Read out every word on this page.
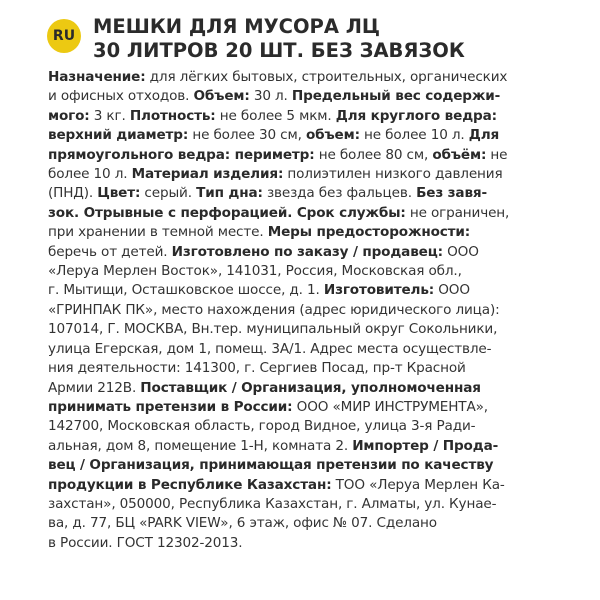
RU МЕШКИ ДЛЯ МУСОРА ЛЦ
30 ЛИТРОВ 20 ШТ. БЕЗ ЗАВЯЗОК
Назначение: для лёгких бытовых, строительных, органических
и офисных отходов. Объем: 30 л. Предельный вес содержи-
мого: 3 кг. Плотность: не более 5 мкм. Для круглого ведра:
верхний диаметр: не более 30 см, объем: не более 10 л. Для
прямоугольного ведра: периметр: не более 80 см, объём: не
более 10 л. Материал изделия: полиэтилен низкого давления
(ПНД). Цвет: серый. Тип дна: звезда без фальцев. Без завя-
зок. Отрывные с перфорацией. Срок службы: не ограничен,
при хранении в темной месте. Меры предосторожности:
беречь от детей. Изготовлено по заказу / продавец: ООО
«Леруа Мерлен Восток», 141031, Россия, Московская обл.,
г. Мытищи, Осташковское шоссе, д. 1. Изготовитель: ООО
«ГРИНПАК ПК», место нахождения (адрес юридического лица):
107014, Г. МОСКВА, Вн.тер. муниципальный округ Сокольники,
улица Егерская, дом 1, помещ. 3А/1. Адрес места осуществле-
ния деятельности: 141300, г. Сергиев Посад, пр-т Красной
Армии 212В. Поставщик / Организация, уполномоченная
принимать претензии в России: ООО «МИР ИНСТРУМЕНТА»,
142700, Московская область, город Видное, улица 3-я Ради-
альная, дом 8, помещение 1-Н, комната 2. Импортер / Продa-
вец / Организация, принимающая претензии по качеству
продукции в Республике Казахстан: ТОО «Леруа Мерлен Ка-
захстан», 050000, Республика Казахстан, г. Алматы, ул. Кунае-
ва, д. 77, БЦ «PARK VIEW», 6 этаж, офис № 07. Сделано
в России. ГОСТ 12302-2013.
